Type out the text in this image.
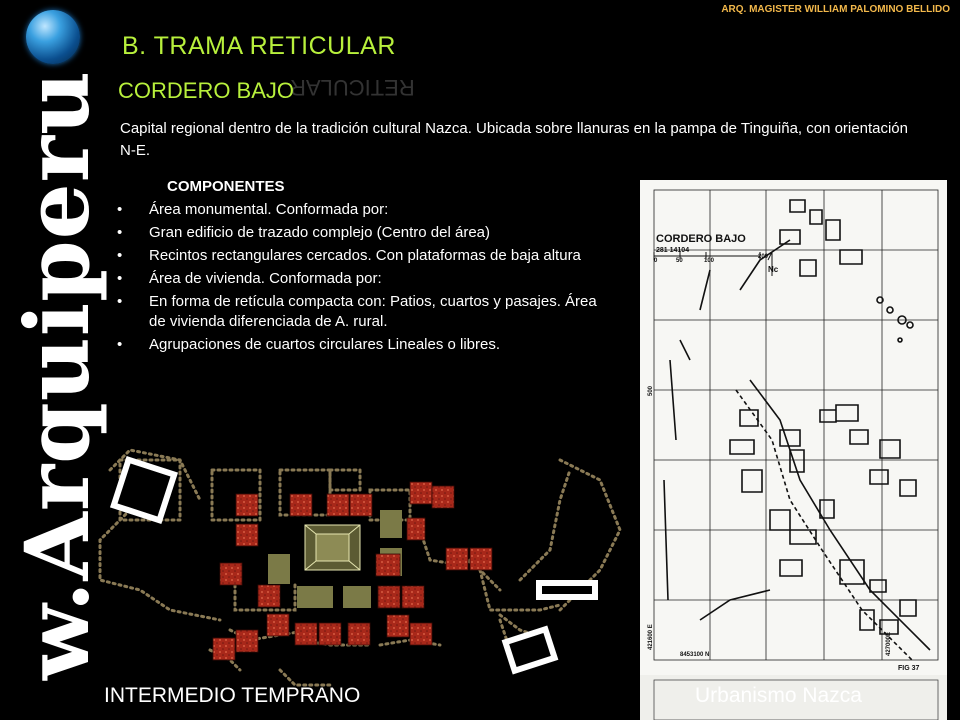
w.Arquiperu
ARQ. MAGISTER WILLIAM PALOMINO BELLIDO
RETICULAR
B. TRAMA RETICULAR
CORDERO BAJO
Capital regional dentro de la tradición cultural Nazca. Ubicada sobre llanuras en la pampa de Tinguiña, con orientación N-E.
COMPONENTES
• Área monumental. Conformada por:
• Gran edificio de trazado complejo (Centro del área)
• Recintos rectangulares cercados. Con plataformas de baja altura
• Área de vivienda. Conformada por:
• En forma de retícula compacta con: Patios, cuartos y pasajes. Área de vivienda diferenciada de A. rural.
• Agrupaciones de cuartos circulares Lineales o libres.
CORDERO BAJO
281 14104
0	50	100
200
Nc
421600 E
8453100 N	427000E
500
FIG 37
INTERMEDIO TEMPRANO	Urbanismo Nazca
